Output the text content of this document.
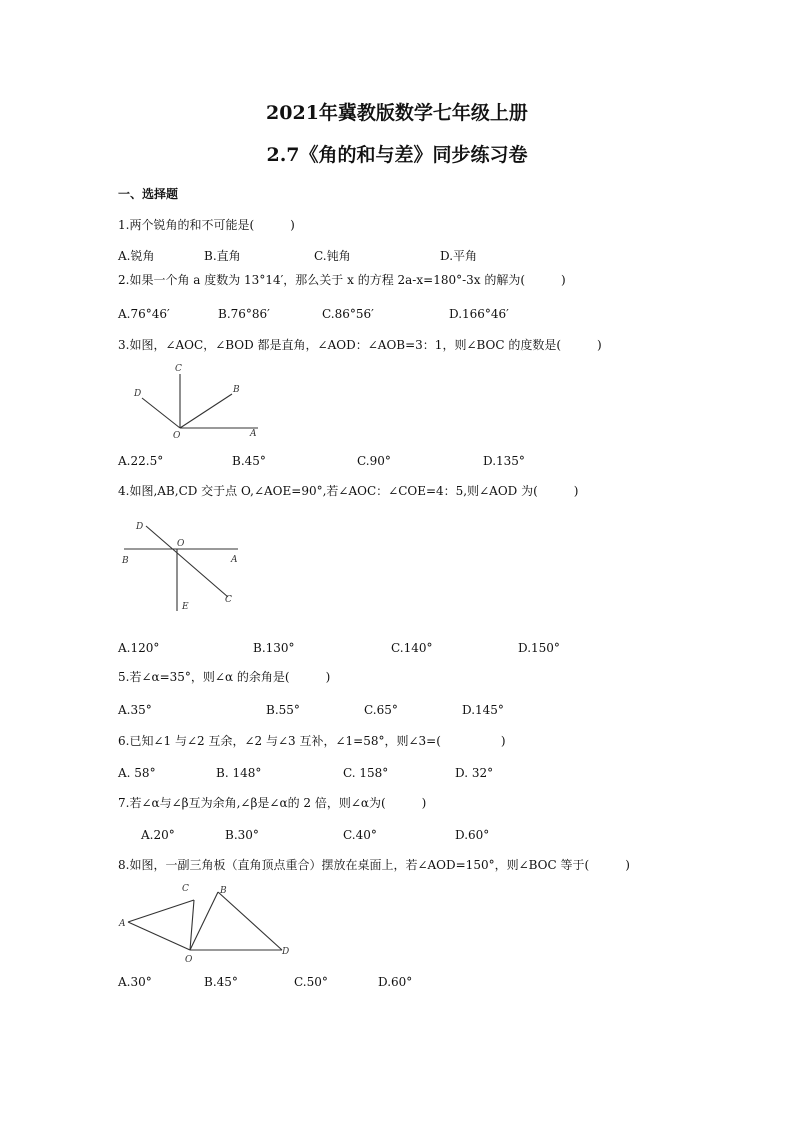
2021年冀教版数学七年级上册
2.7《角的和与差》同步练习卷
一、选择题
1.两个锐角的和不可能是(　　　)
A.锐角	B.直角	C.钝角	D.平角
2.如果一个角 a 度数为 13°14′，那么关于 x 的方程 2a-x=180°-3x 的解为(　　　)
A.76°46′	B.76°86′	C.86°56′	D.166°46′
3.如图，∠AOC，∠BOD 都是直角，∠AOD：∠AOB=3：1，则∠BOC 的度数是(　　　)
D
C
B
O	A
A.22.5°	B.45°	C.90°	D.135°
4.如图,AB,CD 交于点 O,∠AOE=90°,若∠AOC：∠COE=4：5,则∠AOD 为(　　　)
D
O
B	A
C
E
A.120°	B.130°	C.140°	D.150°
5.若∠α=35°，则∠α 的余角是(　　　)
A.35°	B.55°	C.65°	D.145°
6.已知∠1 与∠2 互余，∠2 与∠3 互补，∠1=58°，则∠3=(　　　　　)
A. 58°	B. 148°	C. 158°	D. 32°
7.若∠α与∠β互为余角,∠β是∠α的 2 倍，则∠α为(　　　)
A.20°	B.30°	C.40°	D.60°
8.如图，一副三角板（直角顶点重合）摆放在桌面上，若∠AOD=150°，则∠BOC 等于(　　　)
C	B
A
O
D
A.30°	B.45°	C.50°	D.60°
